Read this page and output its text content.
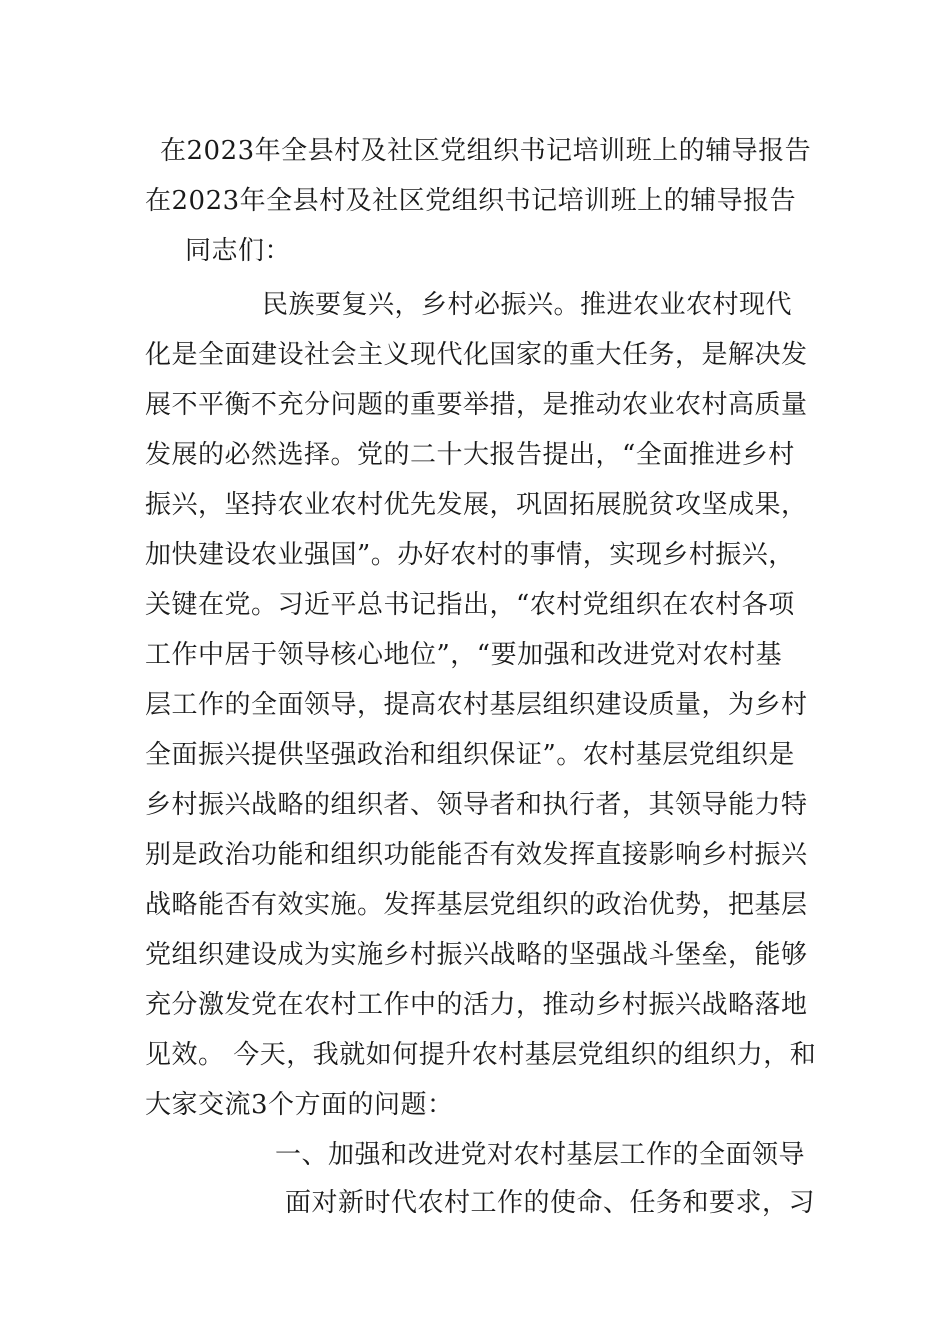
在2023年全县村及社区党组织书记培训班上的辅导报告
在2023年全县村及社区党组织书记培训班上的辅导报告
同志们：
民族要复兴，乡村必振兴。推进农业农村现代
化是全面建设社会主义现代化国家的重大任务，是解决发
展不平衡不充分问题的重要举措，是推动农业农村高质量
发展的必然选择。党的二十大报告提出，“全面推进乡村
振兴，坚持农业农村优先发展，巩固拓展脱贫攻坚成果，
加快建设农业强国”。办好农村的事情，实现乡村振兴，
关键在党。习近平总书记指出，“农村党组织在农村各项
工作中居于领导核心地位”，“要加强和改进党对农村基
层工作的全面领导，提高农村基层组织建设质量，为乡村
全面振兴提供坚强政治和组织保证”。农村基层党组织是
乡村振兴战略的组织者、领导者和执行者，其领导能力特
别是政治功能和组织功能能否有效发挥直接影响乡村振兴
战略能否有效实施。发挥基层党组织的政治优势，把基层
党组织建设成为实施乡村振兴战略的坚强战斗堡垒，能够
充分激发党在农村工作中的活力，推动乡村振兴战略落地
见效。 今天，我就如何提升农村基层党组织的组织力，和
大家交流3个方面的问题：
一、加强和改进党对农村基层工作的全面领导
面对新时代农村工作的使命、任务和要求，习
